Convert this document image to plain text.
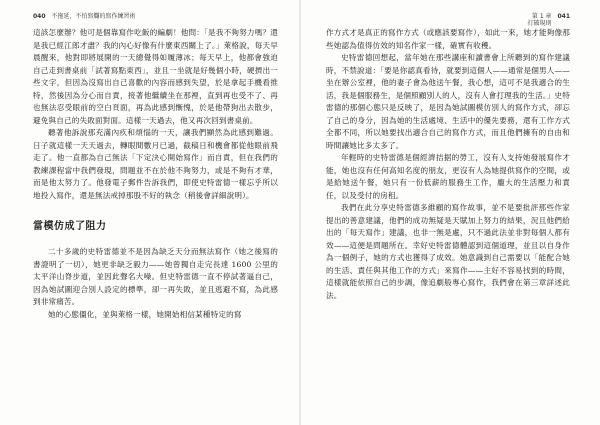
040 不拖延，不怕寫爛的寫作練習術

這該怎麼辦？他可是個靠寫作吃飯的編劇！他問：「是我不夠努力嗎？還是我已經江郎才盡？我的內心好像有什麼東西關上了。」萊格說，每天早晨醒來，他對即將展開的一天總覺得如履薄冰；每天早上，他都會強迫自己走到書桌前「試著寫點東西」，並且一坐就是好幾個小時，硬擠出一些文字，但因為沒寫出自己喜歡的內容而感到失望，於是拿起手機看推特，然後因為分心而自責，接著他繼續坐在那裡，直到再也受不了、再也無法忍受眼前的空白頁面，再為此感到慚愧，於是他帶狗出去散步，避免與自己的失敗面對面。這樣一天過去，他又再次回到書桌前。

聽著他訴說那充滿內疚和煩惱的一天，讓我們顯然為此感到難過。日子就這樣一天天過去，轉眼間數月已過，截稿日和機會都從他眼前飛走了。他一直都為自己無法「下定決心開始寫作」而自責，但在我們的教練課程當中我們發現，問題並不在於他不夠努力，或是不夠有才華，而是他太努力了。他發電子郵件告訴我們，即使史特雷德一樣忘乎所以地投入寫作，還是無法戒掉那股不好的執念（稍後會詳細說明）。

當模仿成了阻力

二十多歲的史特雷德並不是因為缺乏天分而無法寫作（她之後寫的書證明了一切），她更非缺乏毅力——她曾獨自走完長達 1600 公里的太平洋山脊步道，並因此聲名大噪。但史特雷德一直不停試著逼自己，因為她試圖迎合別人設定的標準，卻一再失敗，並且逃避不寫，為此感到非常痛苦。

她的心態僵化，並與萊格一樣，她開始相信某種特定的寫

第 1 章
打破規則 041

作方式才是真正的寫作方式（或應該要寫作），如此一來，她才能夠像那些她認為值得仿效的知名作家一樣，確實有收穫。

史特雷德回想起，當年她在那些講座和讀書會上所聽到的寫作建議時，不禁說道：「要是你認真看待，就要到這個人——通常是個男人——坐在辦公室裡，他的妻子會為他送午餐，我心想，這可不是我適合的生活，我是個服務生，是個照顧別人的人，沒有人會打理我的生活。」史特雷德的那個心態只是反映了，是因為她試圖模仿別人的寫作方式，卻忘了自己的身分，因為她的生活處境、生活中的優先要務，還有工作方式全都不同，所以她要找出適合自己的寫作方式，而且他們擁有的自由和時間讓她比多太多了。

年輕時的史特雷德是個經濟拮据的勞工，沒有人支持她發展寫作才能，她也沒有任何高知名度的朋友，更沒有人為她提供寫作的空間，或是給她送午餐，她只有一份低薪的服務生工作，龐大的生活壓力和責任，以及受付的房租。

我們在此分享史特雷德多維顧的寫作故事，並不是要批評那些作家提出的善意建議，他們的成功無疑是天賦加上努力的結果，況且他們給出的「每天寫作」建議，也非一無是處，只不過此法並非對每個人都有效——這便是問題所在。幸好史特雷德體認到這個道理，並且以自身作為一個例子，她的方式也獲得了成效。她意識到自己需要以「能配合她的生活、責任與其他工作的方式」來寫作——主好不容易找到的時間，這樣就能依照自己的步調，像追劇般專心寫作，我們會在第三章詳述此法。
